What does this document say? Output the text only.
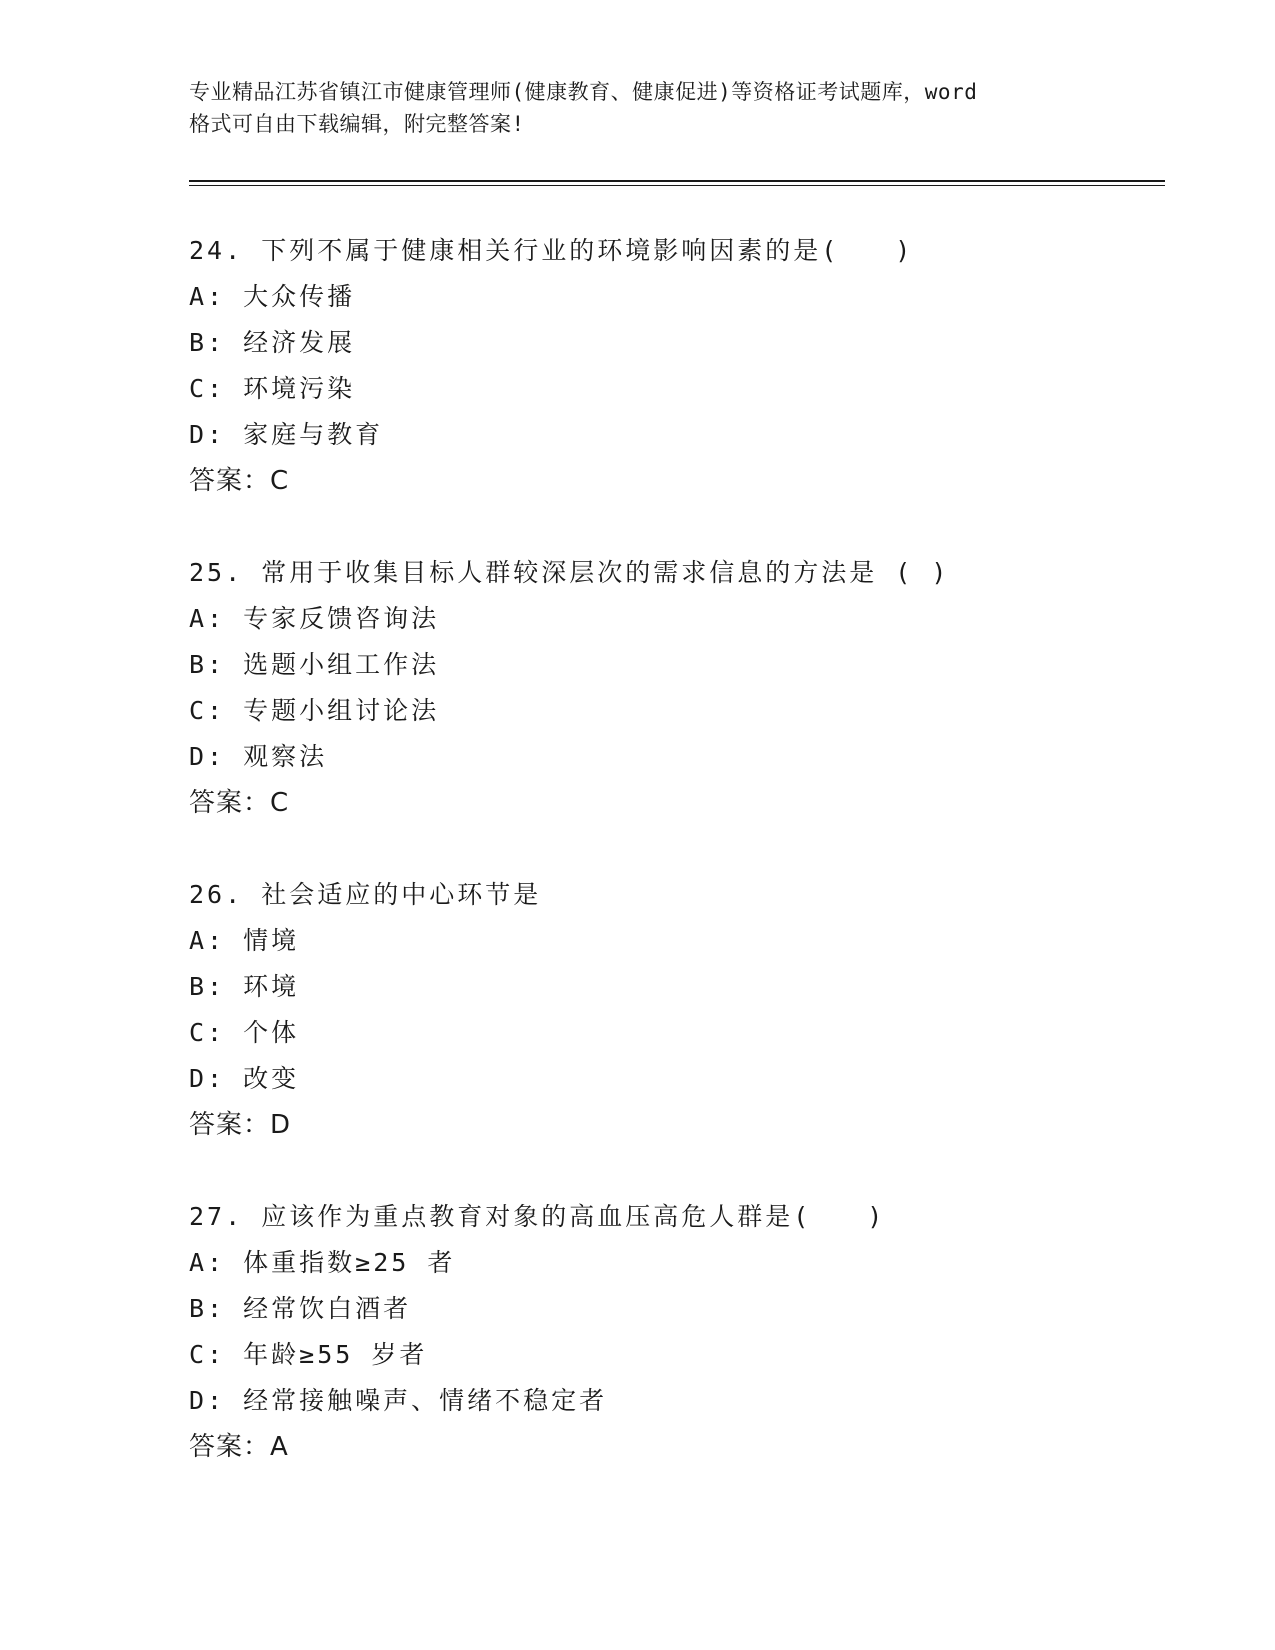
专业精品江苏省镇江市健康管理师(健康教育、健康促进)等资格证考试题库，word
格式可自由下载编辑，附完整答案!
24. 下列不属于健康相关行业的环境影响因素的是(　　)
A: 大众传播
B: 经济发展
C: 环境污染
D: 家庭与教育
答案：C
25. 常用于收集目标人群较深层次的需求信息的方法是 ( )
A: 专家反馈咨询法
B: 选题小组工作法
C: 专题小组讨论法
D: 观察法
答案：C
26. 社会适应的中心环节是
A: 情境
B: 环境
C: 个体
D: 改变
答案：D
27. 应该作为重点教育对象的高血压高危人群是(　　)
A: 体重指数≥25 者
B: 经常饮白酒者
C: 年龄≥55 岁者
D: 经常接触噪声、情绪不稳定者
答案：A
